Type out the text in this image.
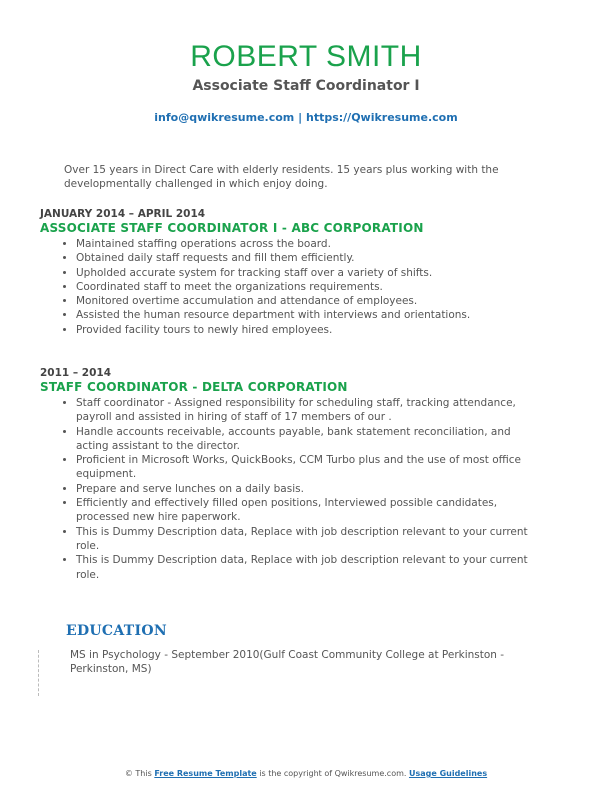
ROBERT SMITH
Associate Staff Coordinator I
info@qwikresume.com | https://Qwikresume.com
Over 15 years in Direct Care with elderly residents. 15 years plus working with the developmentally challenged in which enjoy doing.
JANUARY 2014 – APRIL 2014
ASSOCIATE STAFF COORDINATOR I - ABC CORPORATION
• Maintained staffing operations across the board.
• Obtained daily staff requests and fill them efficiently.
• Upholded accurate system for tracking staff over a variety of shifts.
• Coordinated staff to meet the organizations requirements.
• Monitored overtime accumulation and attendance of employees.
• Assisted the human resource department with interviews and orientations.
• Provided facility tours to newly hired employees.
2011 – 2014
STAFF COORDINATOR - DELTA CORPORATION
• Staff coordinator - Assigned responsibility for scheduling staff, tracking attendance, payroll and assisted in hiring of staff of 17 members of our .
• Handle accounts receivable, accounts payable, bank statement reconciliation, and acting assistant to the director.
• Proficient in Microsoft Works, QuickBooks, CCM Turbo plus and the use of most office equipment.
• Prepare and serve lunches on a daily basis.
• Efficiently and effectively filled open positions, Interviewed possible candidates, processed new hire paperwork.
• This is Dummy Description data, Replace with job description relevant to your current role.
• This is Dummy Description data, Replace with job description relevant to your current role.
EDUCATION
MS in Psychology - September 2010(Gulf Coast Community College at Perkinston - Perkinston, MS)
© This Free Resume Template is the copyright of Qwikresume.com. Usage Guidelines
